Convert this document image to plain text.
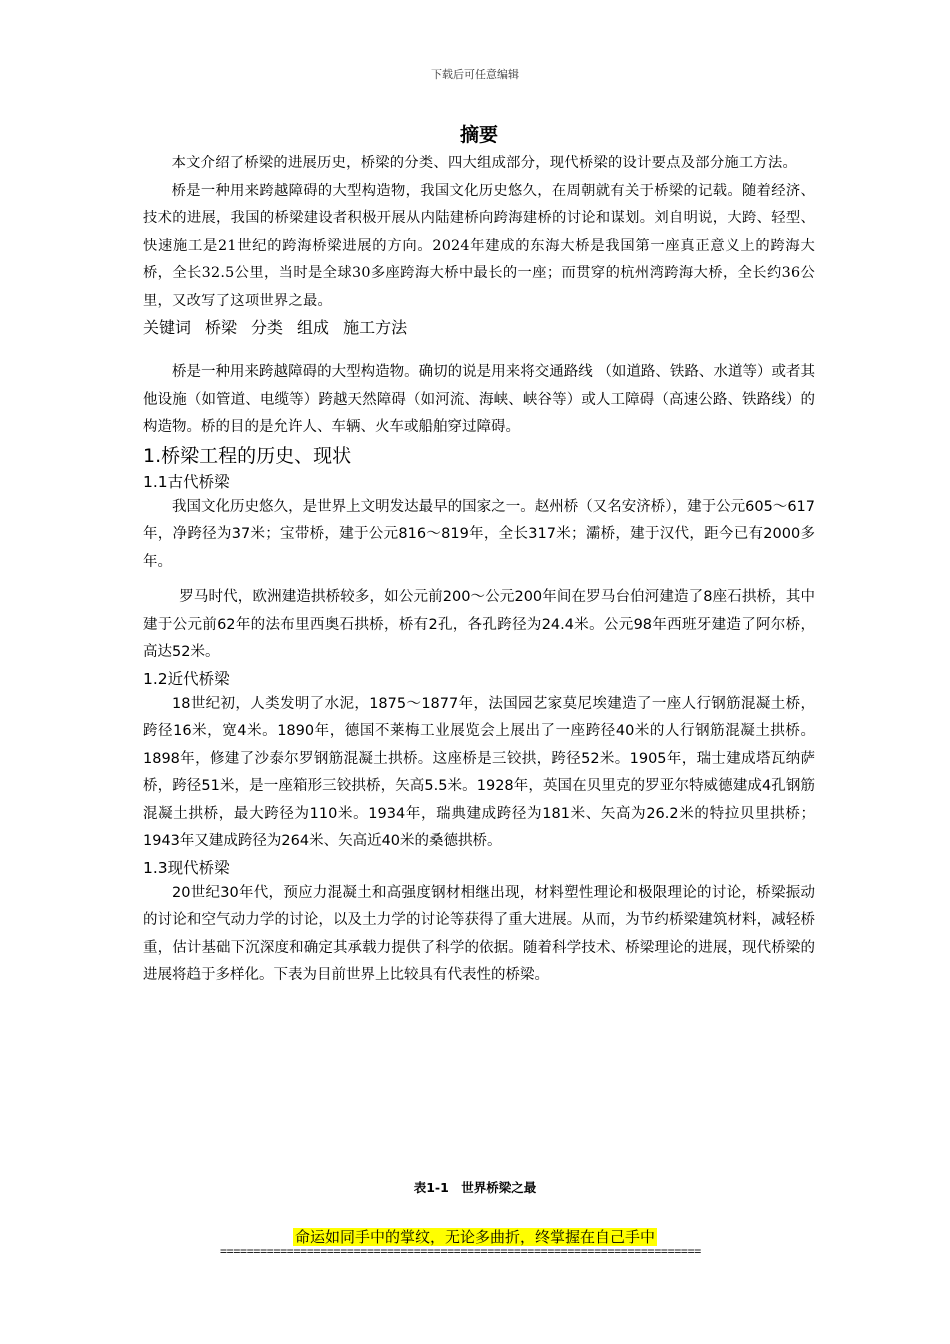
下载后可任意编辑
摘要

本文介绍了桥梁的进展历史，桥梁的分类、四大组成部分，现代桥梁的设计要点及部分施工方法。

桥是一种用来跨越障碍的大型构造物，我国文化历史悠久，在周朝就有关于桥梁的记载。随着经济、技术的进展，我国的桥梁建设者积极开展从内陆建桥向跨海建桥的讨论和谋划。刘自明说，大跨、轻型、快速施工是21世纪的跨海桥梁进展的方向。2024年建成的东海大桥是我国第一座真正意义上的跨海大桥，全长32.5公里，当时是全球30多座跨海大桥中最长的一座；而贯穿的杭州湾跨海大桥，全长约36公里，又改写了这项世界之最。

关键词 桥梁 分类 组成 施工方法

桥是一种用来跨越障碍的大型构造物。确切的说是用来将交通路线 （如道路、铁路、水道等）或者其他设施（如管道、电缆等）跨越天然障碍（如河流、海峡、峡谷等）或人工障碍（高速公路、铁路线）的构造物。桥的目的是允许人、车辆、火车或船舶穿过障碍。

1.桥梁工程的历史、现状
1.1古代桥梁

我国文化历史悠久，是世界上文明发达最早的国家之一。赵州桥（又名安济桥），建于公元605～617年，净跨径为37米；宝带桥，建于公元816～819年，全长317米；灞桥，建于汉代，距今已有2000多年。

罗马时代，欧洲建造拱桥较多，如公元前200～公元200年间在罗马台伯河建造了8座石拱桥，其中建于公元前62年的法布里西奥石拱桥，桥有2孔，各孔跨径为24.4米。公元98年西班牙建造了阿尔桥，高达52米。

1.2近代桥梁

18世纪初，人类发明了水泥，1875～1877年，法国园艺家莫尼埃建造了一座人行钢筋混凝土桥，跨径16米，宽4米。1890年，德国不莱梅工业展览会上展出了一座跨径40米的人行钢筋混凝土拱桥。1898年，修建了沙泰尔罗钢筋混凝土拱桥。这座桥是三铰拱，跨径52米。1905年，瑞士建成塔瓦纳萨桥，跨径51米，是一座箱形三铰拱桥，矢高5.5米。1928年，英国在贝里克的罗亚尔特威德建成4孔钢筋混凝土拱桥，最大跨径为110米。1934年，瑞典建成跨径为181米、矢高为26.2米的特拉贝里拱桥；1943年又建成跨径为264米、矢高近40米的桑德拱桥。

1.3现代桥梁

20世纪30年代，预应力混凝土和高强度钢材相继出现，材料塑性理论和极限理论的讨论，桥梁振动的讨论和空气动力学的讨论，以及土力学的讨论等获得了重大进展。从而，为节约桥梁建筑材料，减轻桥重，估计基础下沉深度和确定其承载力提供了科学的依据。随着科学技术、桥梁理论的进展，现代桥梁的进展将趋于多样化。下表为目前世界上比较具有代表性的桥梁。

表1-1　世界桥梁之最
命运如同手中的掌纹，无论多曲折，终掌握在自己手中
========================================================================
